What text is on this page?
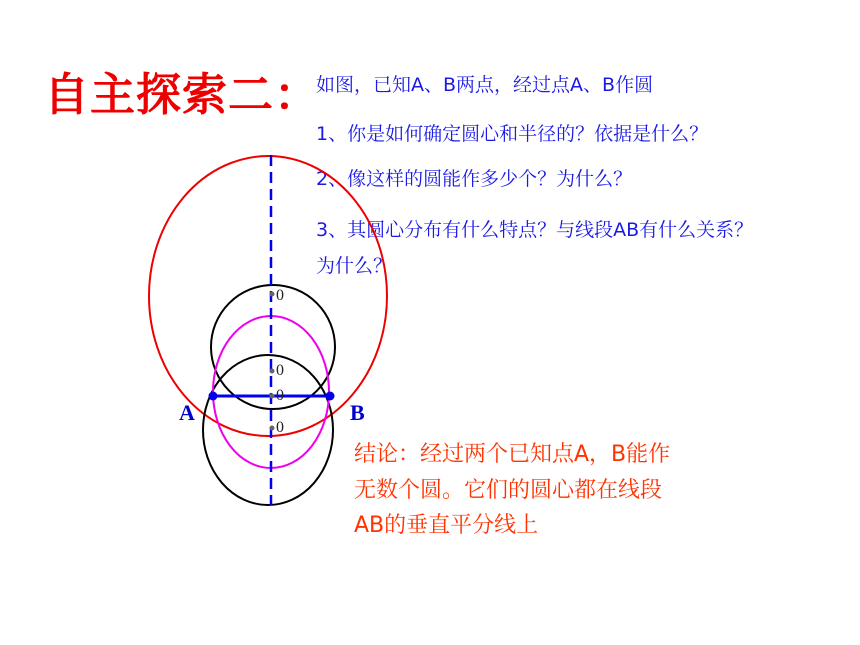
自主探索二：
如图，已知A、B两点，经过点A、B作圆
1、你是如何确定圆心和半径的？依据是什么？
2、像这样的圆能作多少个？为什么？
3、其圆心分布有什么特点？与线段AB有什么关系？
为什么？
0
0
0
0
A	B
结论：经过两个已知点A，B能作
无数个圆。它们的圆心都在线段
AB的垂直平分线上
